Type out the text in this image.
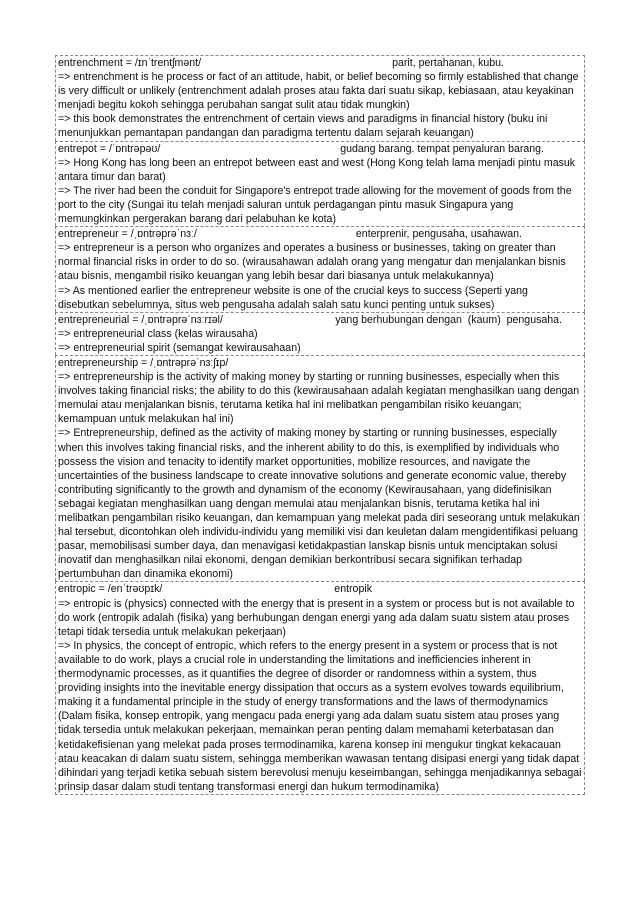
entrenchment = /ɪnˈtrentʃmənt/	parit, pertahanan, kubu.
=> entrenchment is he process or fact of an attitude, habit, or belief becoming so firmly established that change is very difficult or unlikely (entrenchment adalah proses atau fakta dari suatu sikap, kebiasaan, atau keyakinan menjadi begitu kokoh sehingga perubahan sangat sulit atau tidak mungkin)
=> this book demonstrates the entrenchment of certain views and paradigms in financial history (buku ini menunjukkan pemantapan pandangan dan paradigma tertentu dalam sejarah keuangan)
entrepot = /ˈɒntrəpəʊ/	gudang barang. tempat penyaluran barang.
=> Hong Kong has long been an entrepot between east and west (Hong Kong telah lama menjadi pintu masuk antara timur dan barat)
=> The river had been the conduit for Singapore's entrepot trade allowing for the movement of goods from the port to the city (Sungai itu telah menjadi saluran untuk perdagangan pintu masuk Singapura yang memungkinkan pergerakan barang dari pelabuhan ke kota)
entrepreneur = /ˌɒntrəprəˈnɜː/	enterprenir, pengusaha, usahawan.
=> entrepreneur is a person who organizes and operates a business or businesses, taking on greater than normal financial risks in order to do so. (wirausahawan adalah orang yang mengatur dan menjalankan bisnis atau bisnis, mengambil risiko keuangan yang lebih besar dari biasanya untuk melakukannya)
=> As mentioned earlier the entrepreneur website is one of the crucial keys to success (Seperti yang disebutkan sebelumnya, situs web pengusaha adalah salah satu kunci penting untuk sukses)
entrepreneurial = /ˌɒntrəprəˈnɜːrɪəl/	yang berhubungan dengan  (kaum)  pengusaha.
=> entrepreneurial class (kelas wirausaha)
=> entrepreneurial spirit (semangat kewirausahaan)
entrepreneurship = /ˌɒntrəprəˈnɜːʃɪp/
=> entrepreneurship is the activity of making money by starting or running businesses, especially when this involves taking financial risks; the ability to do this (kewirausahaan adalah kegiatan menghasilkan uang dengan memulai atau menjalankan bisnis, terutama ketika hal ini melibatkan pengambilan risiko keuangan; kemampuan untuk melakukan hal ini)
=> Entrepreneurship, defined as the activity of making money by starting or running businesses, especially when this involves taking financial risks, and the inherent ability to do this, is exemplified by individuals who possess the vision and tenacity to identify market opportunities, mobilize resources, and navigate the uncertainties of the business landscape to create innovative solutions and generate economic value, thereby contributing significantly to the growth and dynamism of the economy (Kewirausahaan, yang didefinisikan sebagai kegiatan menghasilkan uang dengan memulai atau menjalankan bisnis, terutama ketika hal ini melibatkan pengambilan risiko keuangan, dan kemampuan yang melekat pada diri seseorang untuk melakukan hal tersebut, dicontohkan oleh individu-individu yang memiliki visi dan keuletan dalam mengidentifikasi peluang pasar, memobilisasi sumber daya, dan menavigasi ketidakpastian lanskap bisnis untuk menciptakan solusi inovatif dan menghasilkan nilai ekonomi, dengan demikian berkontribusi secara signifikan terhadap pertumbuhan dan dinamika ekonomi)
entropic = /enˈtrəʊpɪk/	entropik
=> entropic is (physics) connected with the energy that is present in a system or process but is not available to do work (entropik adalah (fisika) yang berhubungan dengan energi yang ada dalam suatu sistem atau proses tetapi tidak tersedia untuk melakukan pekerjaan)
=> In physics, the concept of entropic, which refers to the energy present in a system or process that is not available to do work, plays a crucial role in understanding the limitations and inefficiencies inherent in thermodynamic processes, as it quantifies the degree of disorder or randomness within a system, thus providing insights into the inevitable energy dissipation that occurs as a system evolves towards equilibrium, making it a fundamental principle in the study of energy transformations and the laws of thermodynamics (Dalam fisika, konsep entropik, yang mengacu pada energi yang ada dalam suatu sistem atau proses yang tidak tersedia untuk melakukan pekerjaan, memainkan peran penting dalam memahami keterbatasan dan ketidakefisienan yang melekat pada proses termodinamika, karena konsep ini mengukur tingkat kekacauan atau keacakan di dalam suatu sistem, sehingga memberikan wawasan tentang disipasi energi yang tidak dapat dihindari yang terjadi ketika sebuah sistem berevolusi menuju keseimbangan, sehingga menjadikannya sebagai prinsip dasar dalam studi tentang transformasi energi dan hukum termodinamika)
